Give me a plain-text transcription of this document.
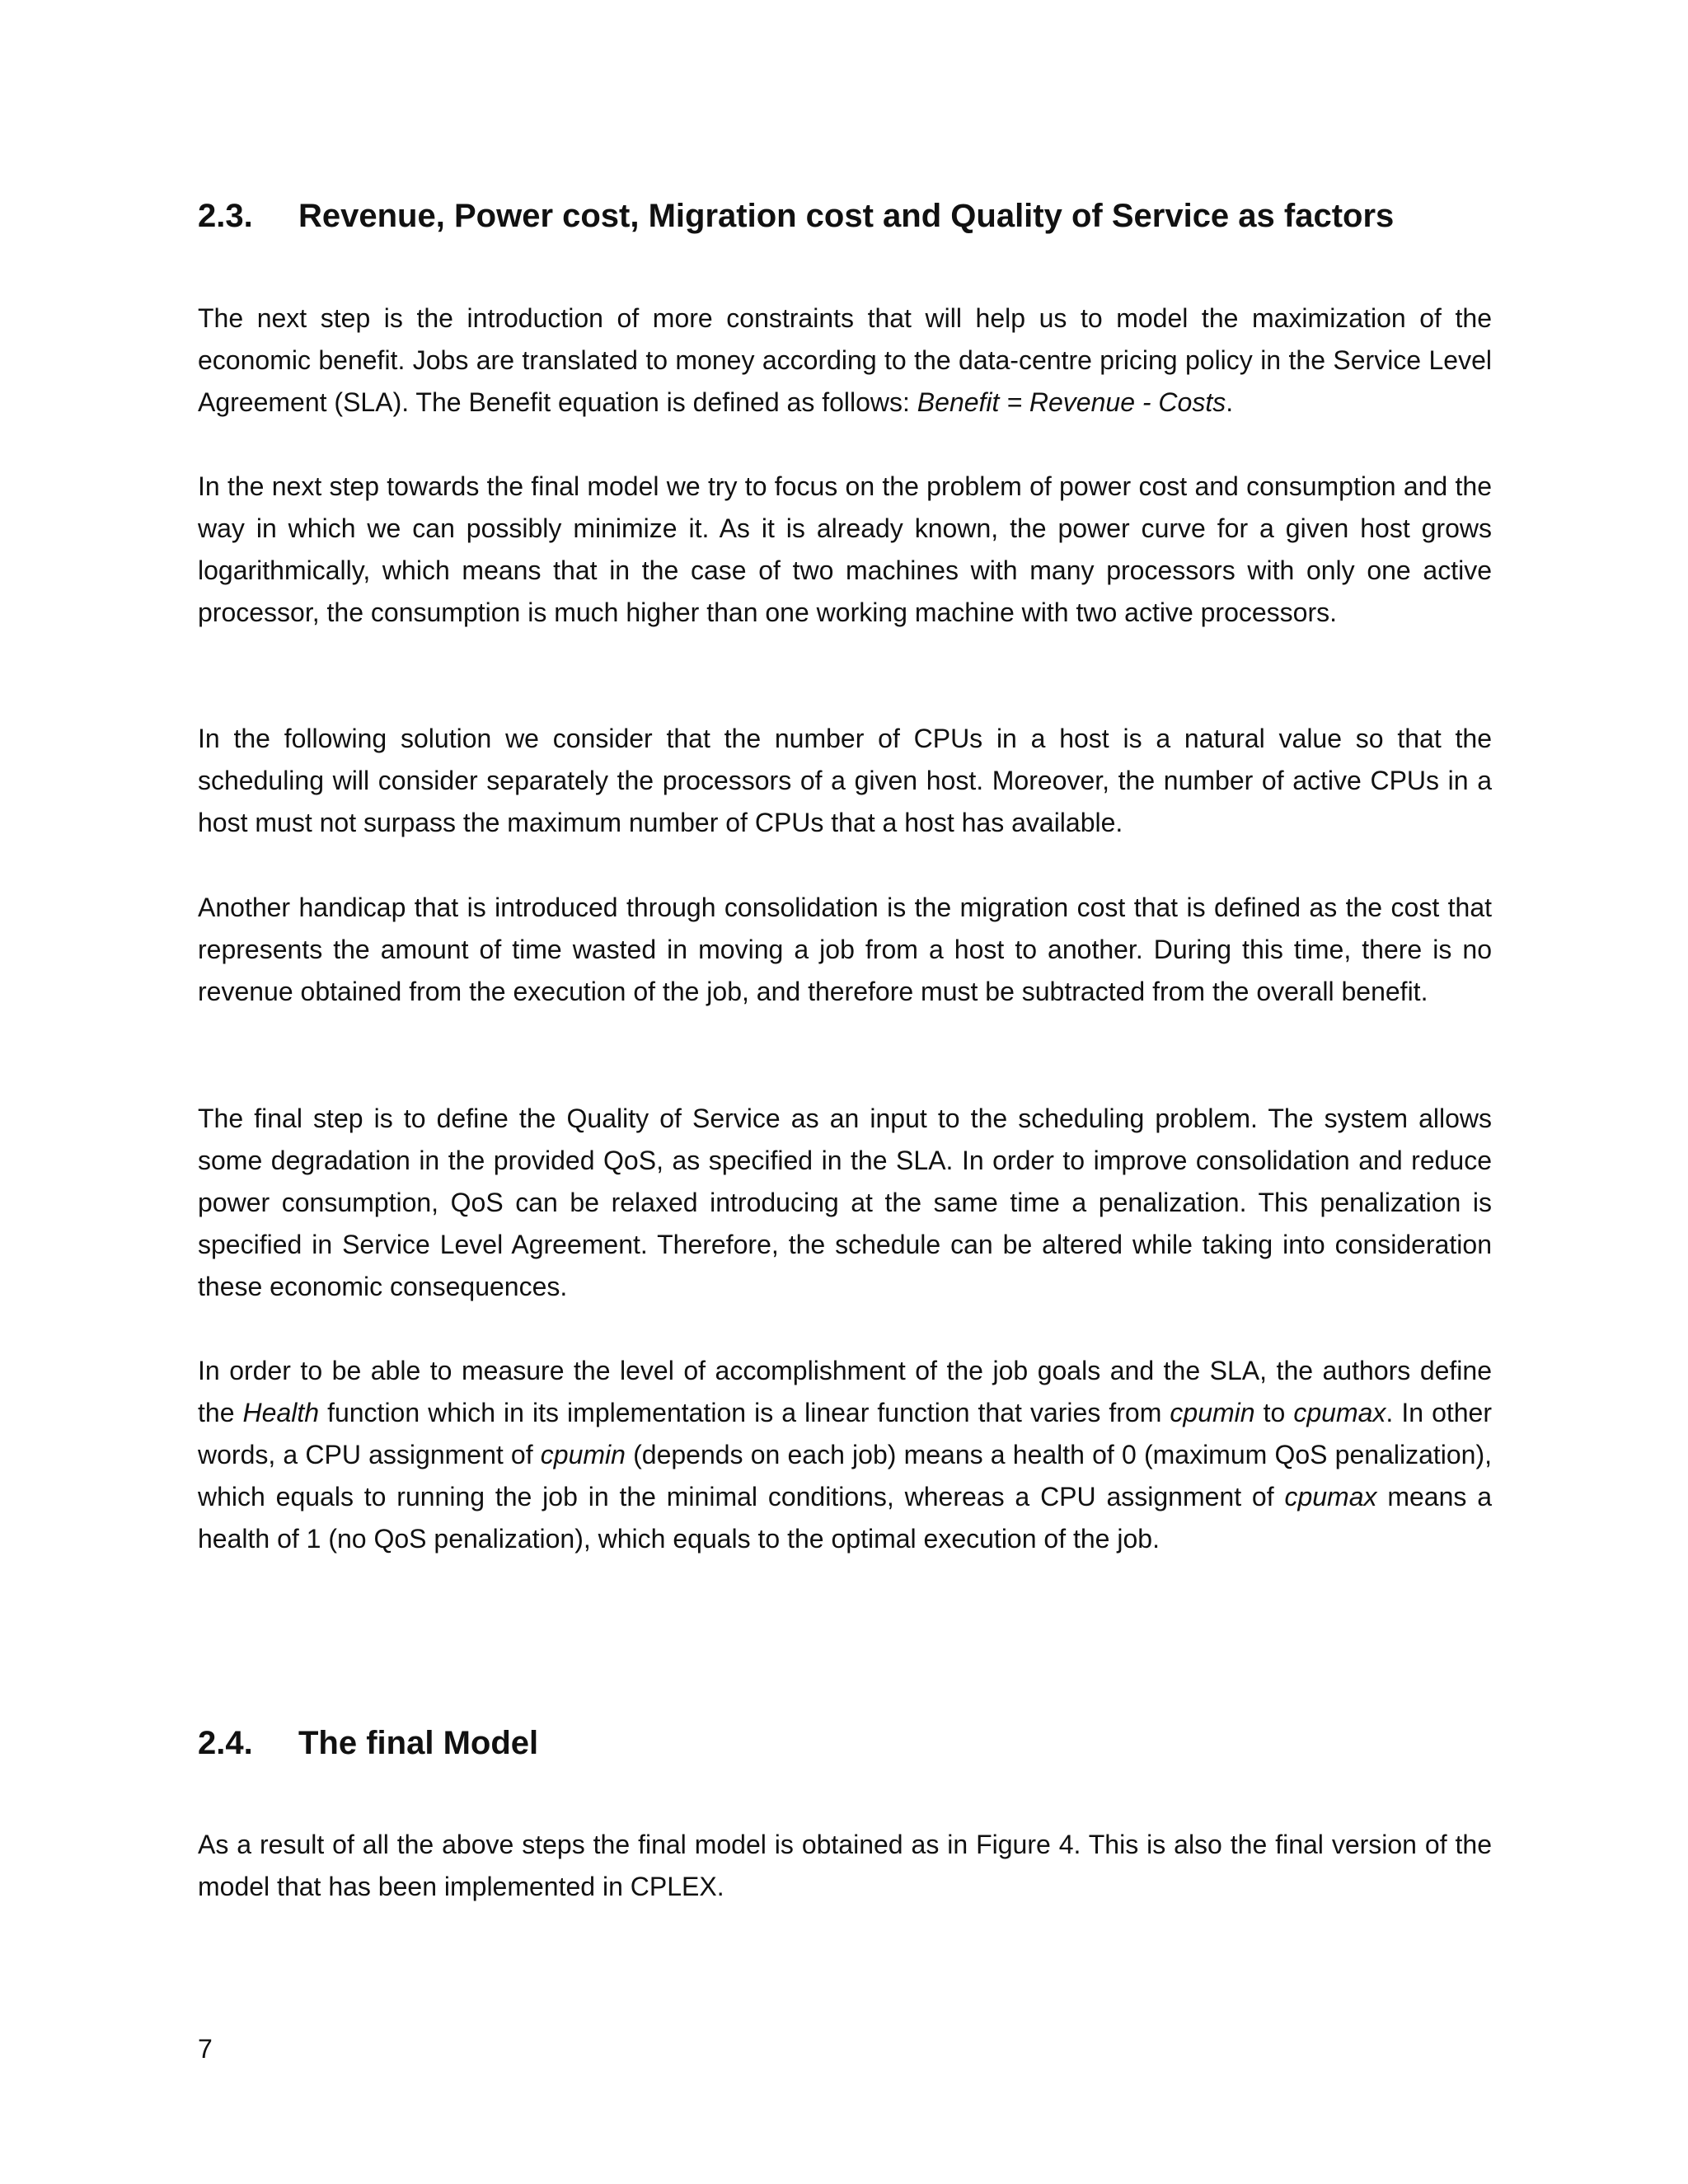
2.3. Revenue, Power cost, Migration cost and Quality of Service as factors

The next step is the introduction of more constraints that will help us to model the maximization of the economic benefit. Jobs are translated to money according to the data-centre pricing policy in the Service Level Agreement (SLA). The Benefit equation is defined as follows: Benefit = Revenue - Costs.

In the next step towards the final model we try to focus on the problem of power cost and consumption and the way in which we can possibly minimize it. As it is already known, the power curve for a given host grows logarithmically, which means that in the case of two machines with many processors with only one active processor, the consumption is much higher than one working machine with two active processors.

In the following solution we consider that the number of CPUs in a host is a natural value so that the scheduling will consider separately the processors of a given host. Moreover, the number of active CPUs in a host must not surpass the maximum number of CPUs that a host has available.

Another handicap that is introduced through consolidation is the migration cost that is defined as the cost that represents the amount of time wasted in moving a job from a host to another. During this time, there is no revenue obtained from the execution of the job, and therefore must be subtracted from the overall benefit.

The final step is to define the Quality of Service as an input to the scheduling problem. The system allows some degradation in the provided QoS, as specified in the SLA. In order to improve consolidation and reduce power consumption, QoS can be relaxed introducing at the same time a penalization. This penalization is specified in Service Level Agreement. Therefore, the schedule can be altered while taking into consideration these economic consequences.

In order to be able to measure the level of accomplishment of the job goals and the SLA, the authors define the Health function which in its implementation is a linear function that varies from cpumin to cpumax. In other words, a CPU assignment of cpumin (depends on each job) means a health of 0 (maximum QoS penalization), which equals to running the job in the minimal conditions, whereas a CPU assignment of cpumax means a health of 1 (no QoS penalization), which equals to the optimal execution of the job.

2.4. The final Model

As a result of all the above steps the final model is obtained as in Figure 4. This is also the final version of the model that has been implemented in CPLEX.

7
